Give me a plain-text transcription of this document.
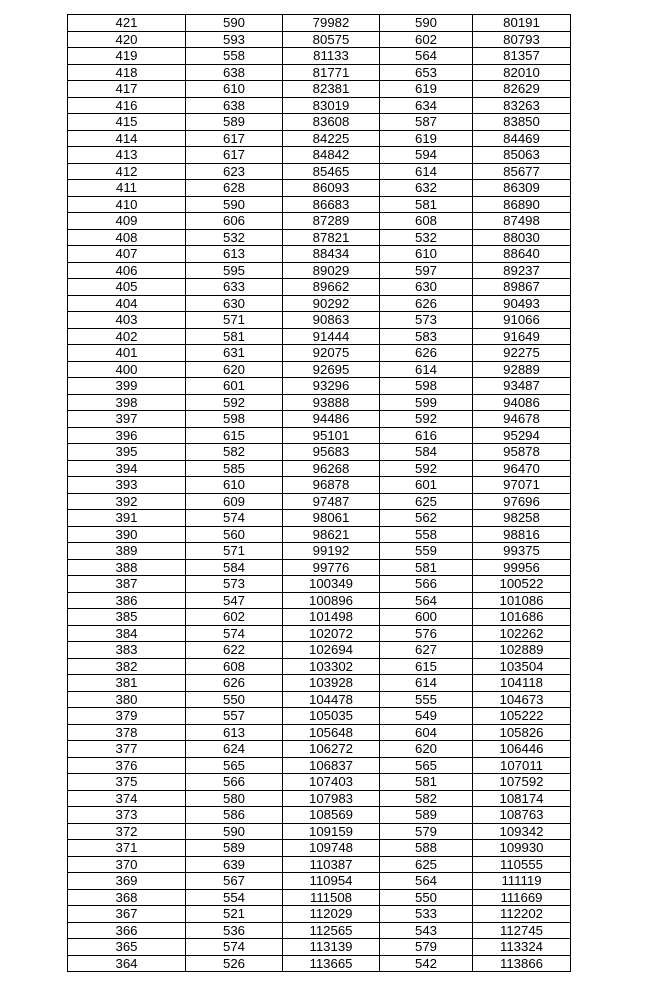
421	590	79982	590	80191
420	593	80575	602	80793
419	558	81133	564	81357
418	638	81771	653	82010
417	610	82381	619	82629
416	638	83019	634	83263
415	589	83608	587	83850
414	617	84225	619	84469
413	617	84842	594	85063
412	623	85465	614	85677
411	628	86093	632	86309
410	590	86683	581	86890
409	606	87289	608	87498
408	532	87821	532	88030
407	613	88434	610	88640
406	595	89029	597	89237
405	633	89662	630	89867
404	630	90292	626	90493
403	571	90863	573	91066
402	581	91444	583	91649
401	631	92075	626	92275
400	620	92695	614	92889
399	601	93296	598	93487
398	592	93888	599	94086
397	598	94486	592	94678
396	615	95101	616	95294
395	582	95683	584	95878
394	585	96268	592	96470
393	610	96878	601	97071
392	609	97487	625	97696
391	574	98061	562	98258
390	560	98621	558	98816
389	571	99192	559	99375
388	584	99776	581	99956
387	573	100349	566	100522
386	547	100896	564	101086
385	602	101498	600	101686
384	574	102072	576	102262
383	622	102694	627	102889
382	608	103302	615	103504
381	626	103928	614	104118
380	550	104478	555	104673
379	557	105035	549	105222
378	613	105648	604	105826
377	624	106272	620	106446
376	565	106837	565	107011
375	566	107403	581	107592
374	580	107983	582	108174
373	586	108569	589	108763
372	590	109159	579	109342
371	589	109748	588	109930
370	639	110387	625	110555
369	567	110954	564	111119
368	554	111508	550	111669
367	521	112029	533	112202
366	536	112565	543	112745
365	574	113139	579	113324
364	526	113665	542	113866
